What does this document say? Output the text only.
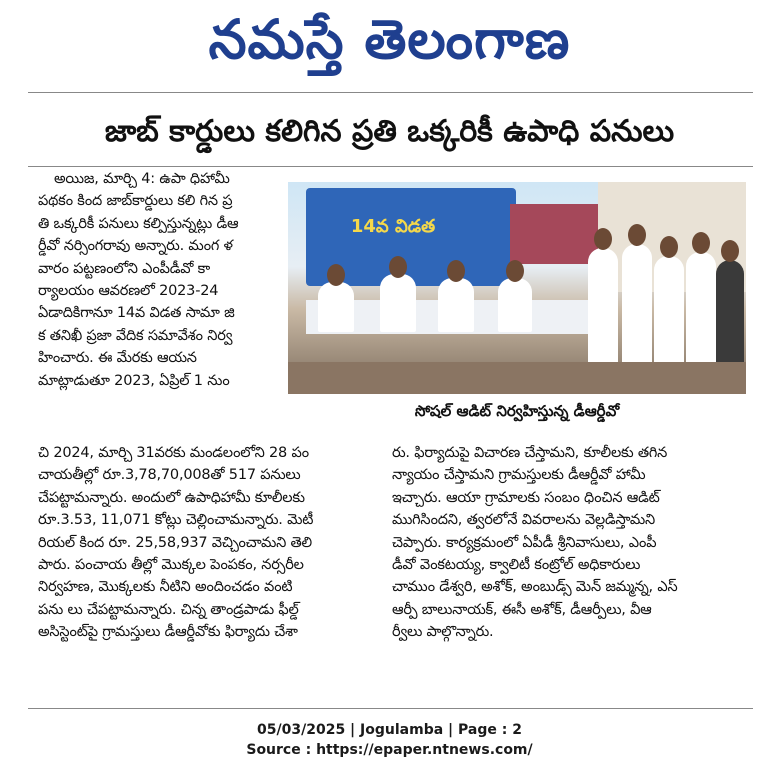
నమస్తే తెలంగాణ
జాబ్ కార్డులు కలిగిన ప్రతి ఒక్కరికీ ఉపాధి పనులు
అయిజ, మార్చి 4: ఉపా ధిహామీ
పథకం కింద జాబ్‌కార్డులు కలి గిన ప్ర
తి ఒక్కరికీ పనులు కల్పిస్తున్నట్లు డీఆ
ర్డీవో నర్సింగరావు అన్నారు. మంగ ళ
వారం పట్టణంలోని ఎంపీడీవో కా
ర్యాలయం ఆవరణలో 2023-24
ఏడాదికిగానూ 14వ విడత సామా జి
క తనిఖీ ప్రజా వేదిక సమావేశం నిర్వ
హించారు. ఈ మేరకు ఆయన
మాట్లాడుతూ 2023, ఏప్రిల్ 1 నుం
14వ విడత
సోషల్ ఆడిట్ నిర్వహిస్తున్న డీఆర్డీవో
చి 2024, మార్చి 31వరకు మండలంలోని 28 పం
చాయతీల్లో రూ.3,78,70,008తో 517 పనులు
చేపట్టామన్నారు. అందులో ఉపాధిహామీ కూలీలకు
రూ.3.53, 11,071 కోట్లు చెల్లించామన్నారు. మెటీ
రియల్ కింద రూ. 25,58,937 వెచ్చించామని తెలి
పారు. పంచాయ తీల్లో మొక్కల పెంపకం, నర్సరీల
నిర్వహణ, మొక్కలకు నీటిని అందించడం వంటి
పను లు చేపట్టామన్నారు. చిన్న తాండ్రపాడు ఫీల్డ్
అసిస్టెంట్‌పై గ్రామస్తులు డీఆర్డీవోకు ఫిర్యాదు చేశా
రు. ఫిర్యాదుపై విచారణ చేస్తామని, కూలీలకు తగిన
న్యాయం చేస్తామని గ్రామస్తులకు డీఆర్డీవో హామీ
ఇచ్చారు. ఆయా గ్రామాలకు సంబం ధించిన ఆడిట్
ముగిసిందని, త్వరలోనే వివరాలను వెల్లడిస్తామని
చెప్పారు. కార్యక్రమంలో ఏపీడీ శ్రీనివాసులు, ఎంపీ
డీవో వెంకటయ్య, క్వాలిటీ కంట్రోల్ అధికారులు
చాముం డేశ్వరి, అశోక్, అంబుడ్స్ మెన్ జమ్మన్న, ఎస్
ఆర్పీ బాలునాయక్, ఈసీ అశోక్, డీఆర్పీలు, వీఆ
ర్వీలు పాల్గొన్నారు.
05/03/2025 | Jogulamba | Page : 2
Source : https://epaper.ntnews.com/
